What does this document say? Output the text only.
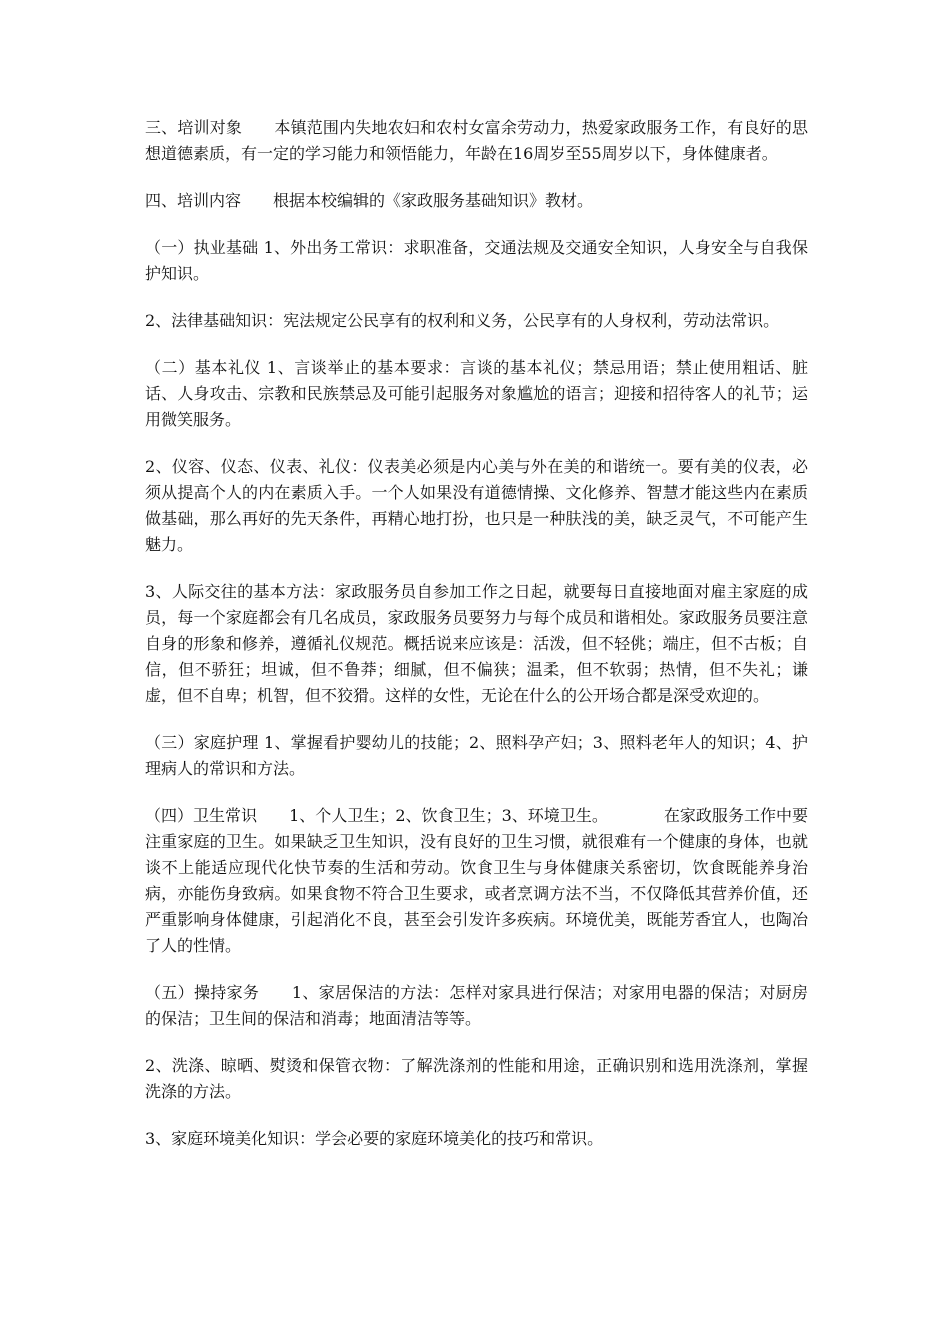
三、培训对象　　本镇范围内失地农妇和农村女富余劳动力，热爱家政服务工作，有良好的思想道德素质，有一定的学习能力和领悟能力，年龄在16周岁至55周岁以下，身体健康者。

四、培训内容　　根据本校编辑的《家政服务基础知识》教材。

（一）执业基础 1、外出务工常识：求职准备，交通法规及交通安全知识，人身安全与自我保护知识。

2、法律基础知识：宪法规定公民享有的权利和义务，公民享有的人身权利，劳动法常识。

（二）基本礼仪 1、言谈举止的基本要求：言谈的基本礼仪；禁忌用语；禁止使用粗话、脏话、人身攻击、宗教和民族禁忌及可能引起服务对象尴尬的语言；迎接和招待客人的礼节；运用微笑服务。

2、仪容、仪态、仪表、礼仪：仪表美必须是内心美与外在美的和谐统一。要有美的仪表，必须从提高个人的内在素质入手。一个人如果没有道德情操、文化修养、智慧才能这些内在素质做基础，那么再好的先天条件，再精心地打扮，也只是一种肤浅的美，缺乏灵气，不可能产生魅力。

3、人际交往的基本方法：家政服务员自参加工作之日起，就要每日直接地面对雇主家庭的成员，每一个家庭都会有几名成员，家政服务员要努力与每个成员和谐相处。家政服务员要注意自身的形象和修养，遵循礼仪规范。概括说来应该是：活泼，但不轻佻；端庄，但不古板；自信，但不骄狂；坦诚，但不鲁莽；细腻，但不偏狭；温柔，但不软弱；热情，但不失礼；谦虚，但不自卑；机智，但不狡猾。这样的女性，无论在什么的公开场合都是深受欢迎的。

（三）家庭护理 1、掌握看护婴幼儿的技能；2、照料孕产妇；3、照料老年人的知识；4、护理病人的常识和方法。

（四）卫生常识　　1、个人卫生；2、饮食卫生；3、环境卫生。　　　　在家政服务工作中要注重家庭的卫生。如果缺乏卫生知识，没有良好的卫生习惯，就很难有一个健康的身体，也就谈不上能适应现代化快节奏的生活和劳动。饮食卫生与身体健康关系密切，饮食既能养身治病，亦能伤身致病。如果食物不符合卫生要求，或者烹调方法不当，不仅降低其营养价值，还严重影响身体健康，引起消化不良，甚至会引发许多疾病。环境优美，既能芳香宜人，也陶冶了人的性情。

（五）操持家务　　1、家居保洁的方法：怎样对家具进行保洁；对家用电器的保洁；对厨房的保洁；卫生间的保洁和消毒；地面清洁等等。

2、洗涤、晾晒、熨烫和保管衣物：了解洗涤剂的性能和用途，正确识别和选用洗涤剂，掌握洗涤的方法。

3、家庭环境美化知识：学会必要的家庭环境美化的技巧和常识。
